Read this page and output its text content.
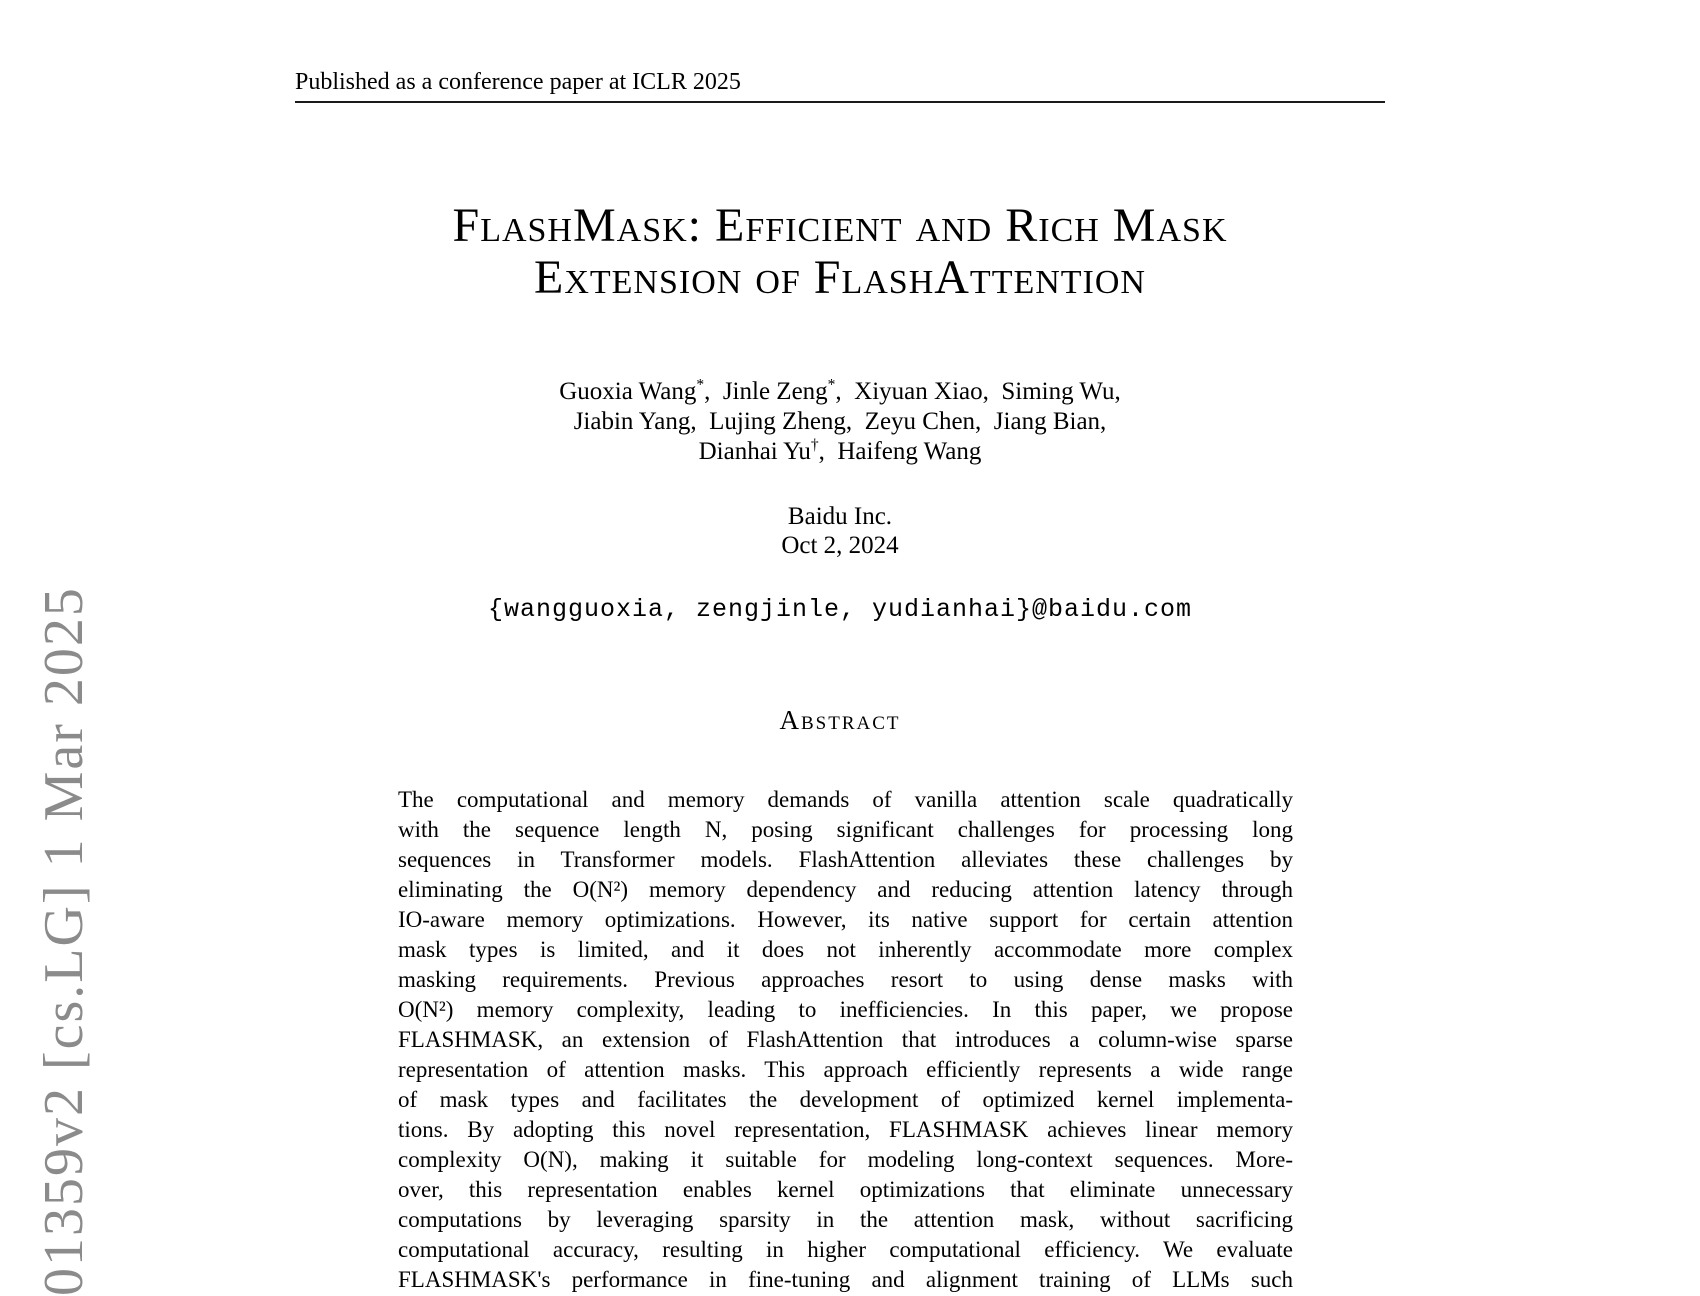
01359v2 [cs.LG] 1 Mar 2025
Published as a conference paper at ICLR 2025
FlashMask: Efficient and Rich Mask
Extension of FlashAttention
Guoxia Wang*, Jinle Zeng*, Xiyuan Xiao, Siming Wu,
Jiabin Yang, Lujing Zheng, Zeyu Chen, Jiang Bian,
Dianhai Yu†, Haifeng Wang
Baidu Inc.
Oct 2, 2024
{wangguoxia, zengjinle, yudianhai}@baidu.com
Abstract
The computational and memory demands of vanilla attention scale quadratically
with the sequence length N, posing significant challenges for processing long
sequences in Transformer models. FlashAttention alleviates these challenges by
eliminating the O(N²) memory dependency and reducing attention latency through
IO-aware memory optimizations. However, its native support for certain attention
mask types is limited, and it does not inherently accommodate more complex
masking requirements. Previous approaches resort to using dense masks with
O(N²) memory complexity, leading to inefficiencies. In this paper, we propose
FLASHMASK, an extension of FlashAttention that introduces a column-wise sparse
representation of attention masks. This approach efficiently represents a wide range
of mask types and facilitates the development of optimized kernel implementa-
tions. By adopting this novel representation, FLASHMASK achieves linear memory
complexity O(N), making it suitable for modeling long-context sequences. More-
over, this representation enables kernel optimizations that eliminate unnecessary
computations by leveraging sparsity in the attention mask, without sacrificing
computational accuracy, resulting in higher computational efficiency. We evaluate
FLASHMASK's performance in fine-tuning and alignment training of LLMs such
